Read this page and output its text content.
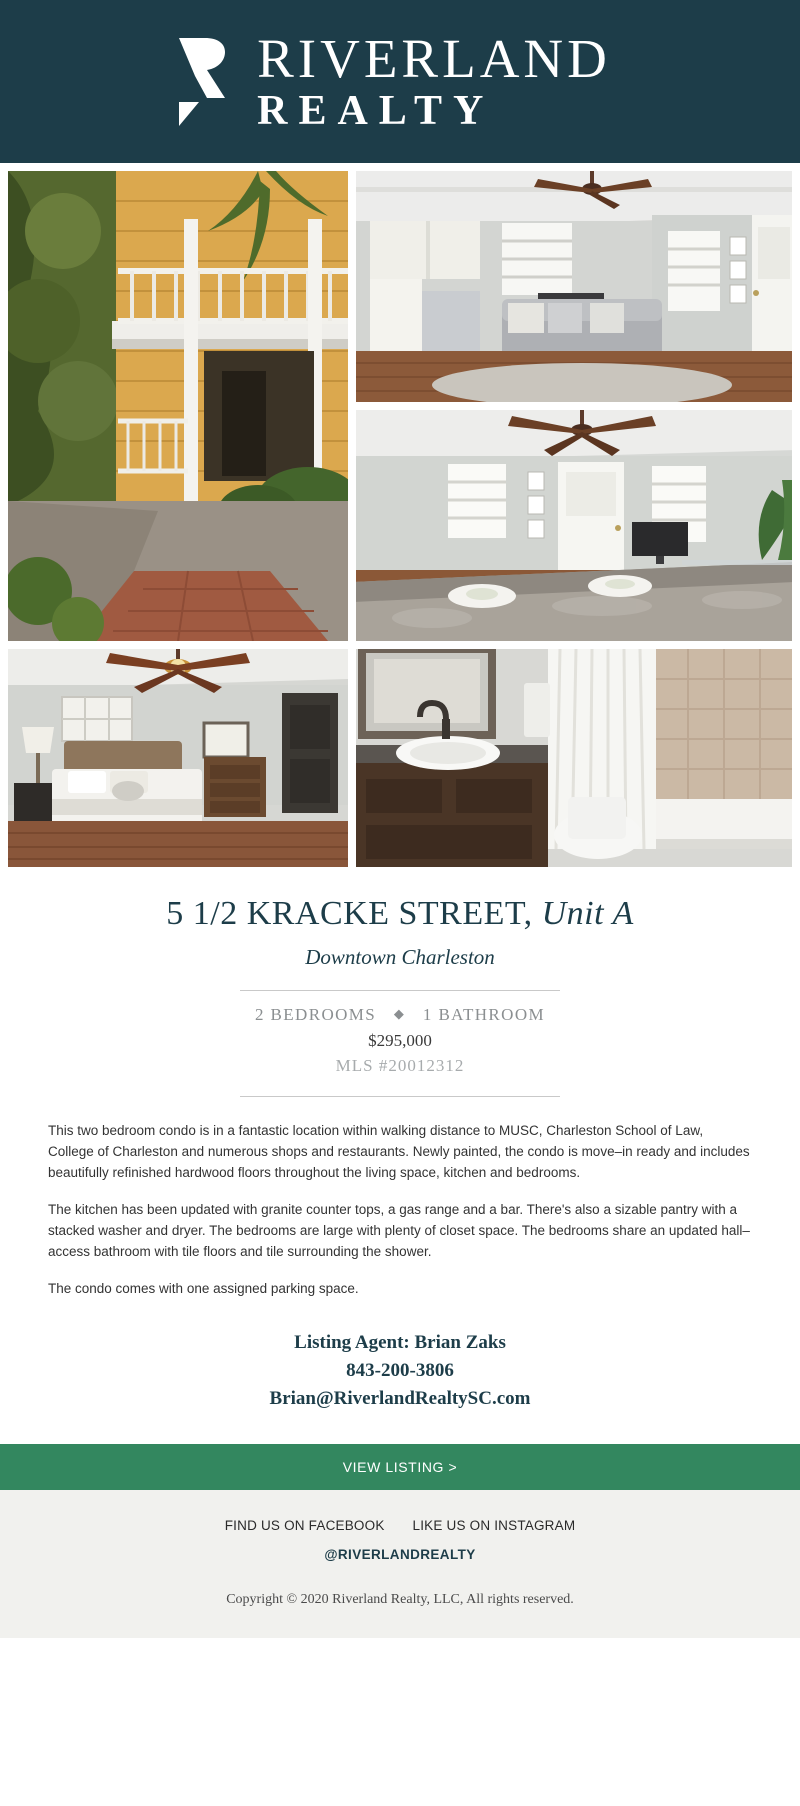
RIVERLAND
REALTY
5 1/2 KRACKE STREET, Unit A
Downtown Charleston
2 BEDROOMS ◆ 1 BATHROOM
$295,000
MLS #20012312

This two bedroom condo is in a fantastic location within walking distance to MUSC, Charleston School of Law, College of Charleston and numerous shops and restaurants. Newly painted, the condo is move–in ready and includes beautifully refinished hardwood floors throughout the living space, kitchen and bedrooms.

The kitchen has been updated with granite counter tops, a gas range and a bar. There's also a sizable pantry with a stacked washer and dryer. The bedrooms are large with plenty of closet space. The bedrooms share an updated hall–access bathroom with tile floors and tile surrounding the shower.

The condo comes with one assigned parking space.

Listing Agent: Brian Zaks
843-200-3806
Brian@RiverlandRealtySC.com
VIEW LISTING >
FIND US ON FACEBOOK LIKE US ON INSTAGRAM
@RIVERLANDREALTY
Copyright © 2020 Riverland Realty, LLC, All rights reserved.
